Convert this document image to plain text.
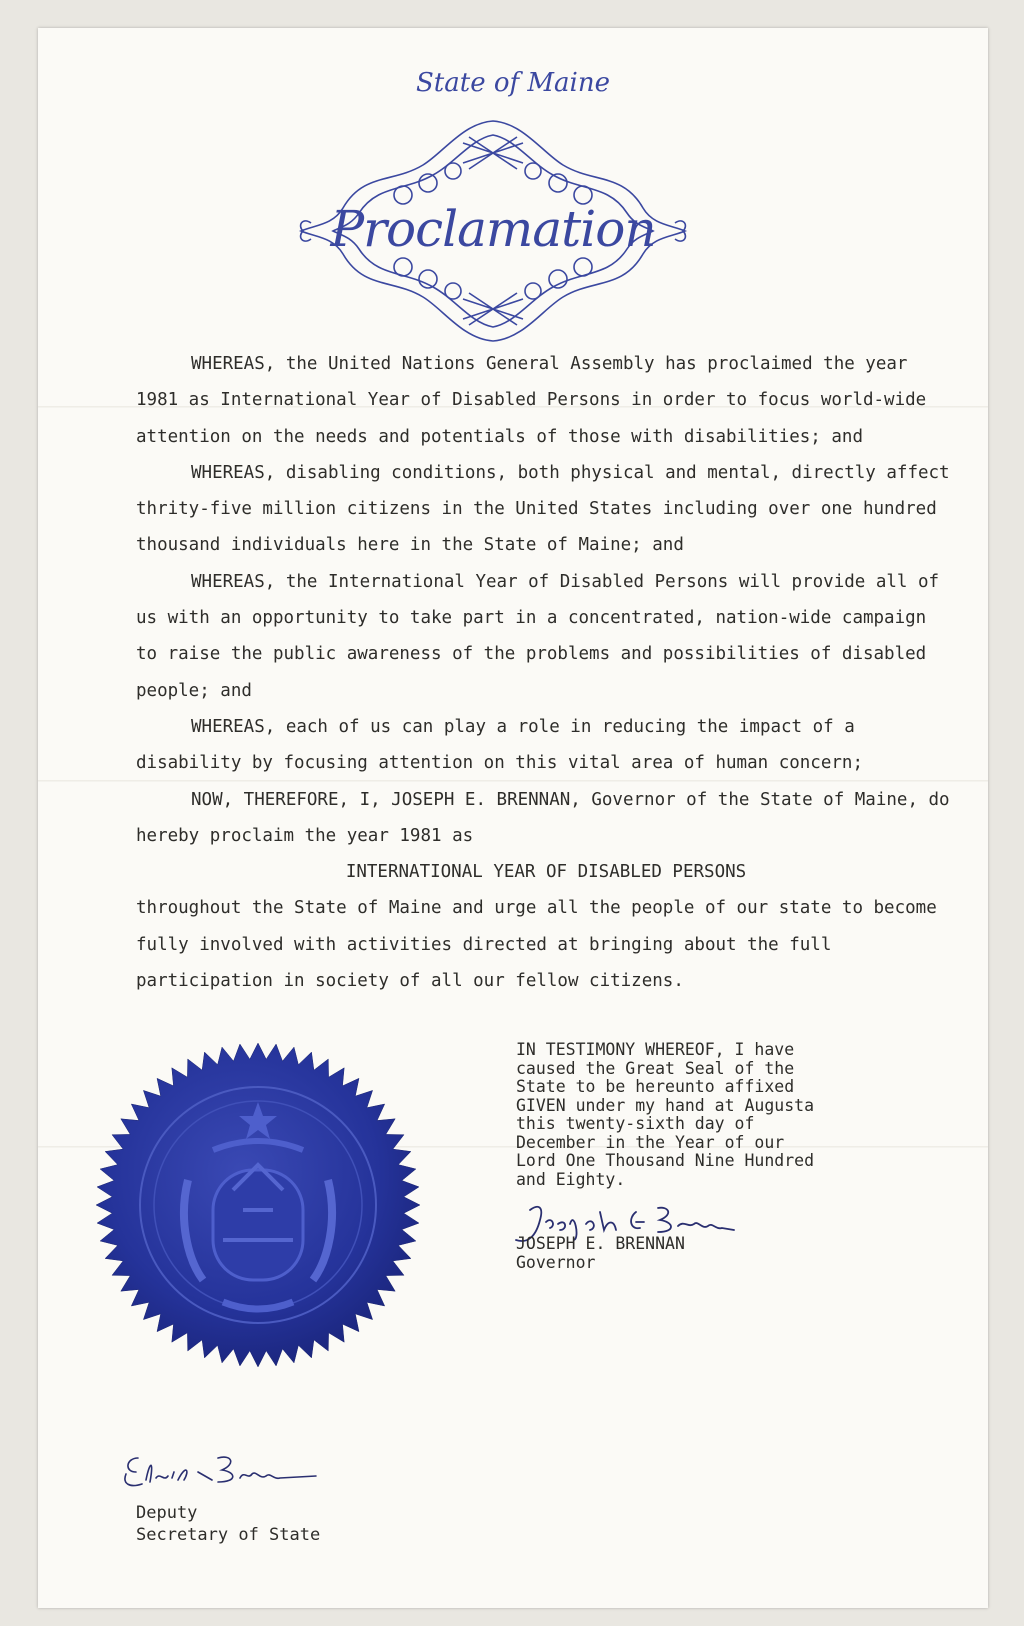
State of Maine
Proclamation

WHEREAS, the United Nations General Assembly has proclaimed the year 1981 as International Year of Disabled Persons in order to focus world-wide attention on the needs and potentials of those with disabilities; and

WHEREAS, disabling conditions, both physical and mental, directly affect thrity-five million citizens in the United States including over one hundred thousand individuals here in the State of Maine; and

WHEREAS, the International Year of Disabled Persons will provide all of us with an opportunity to take part in a concentrated, nation-wide campaign to raise the public awareness of the problems and possibilities of disabled people; and

WHEREAS, each of us can play a role in reducing the impact of a disability by focusing attention on this vital area of human concern;

NOW, THEREFORE, I, JOSEPH E. BRENNAN, Governor of the State of Maine, do hereby proclaim the year 1981 as

INTERNATIONAL YEAR OF DISABLED PERSONS

throughout the State of Maine and urge all the people of our state to become fully involved with activities directed at bringing about the full participation in society of all our fellow citizens.

IN TESTIMONY WHEREOF, I have
caused the Great Seal of the
State to be hereunto affixed
GIVEN under my hand at Augusta
this twenty-sixth day of
December in the Year of our
Lord One Thousand Nine Hundred
and Eighty.
JOSEPH E. BRENNAN
Governor
Deputy
Secretary of State
